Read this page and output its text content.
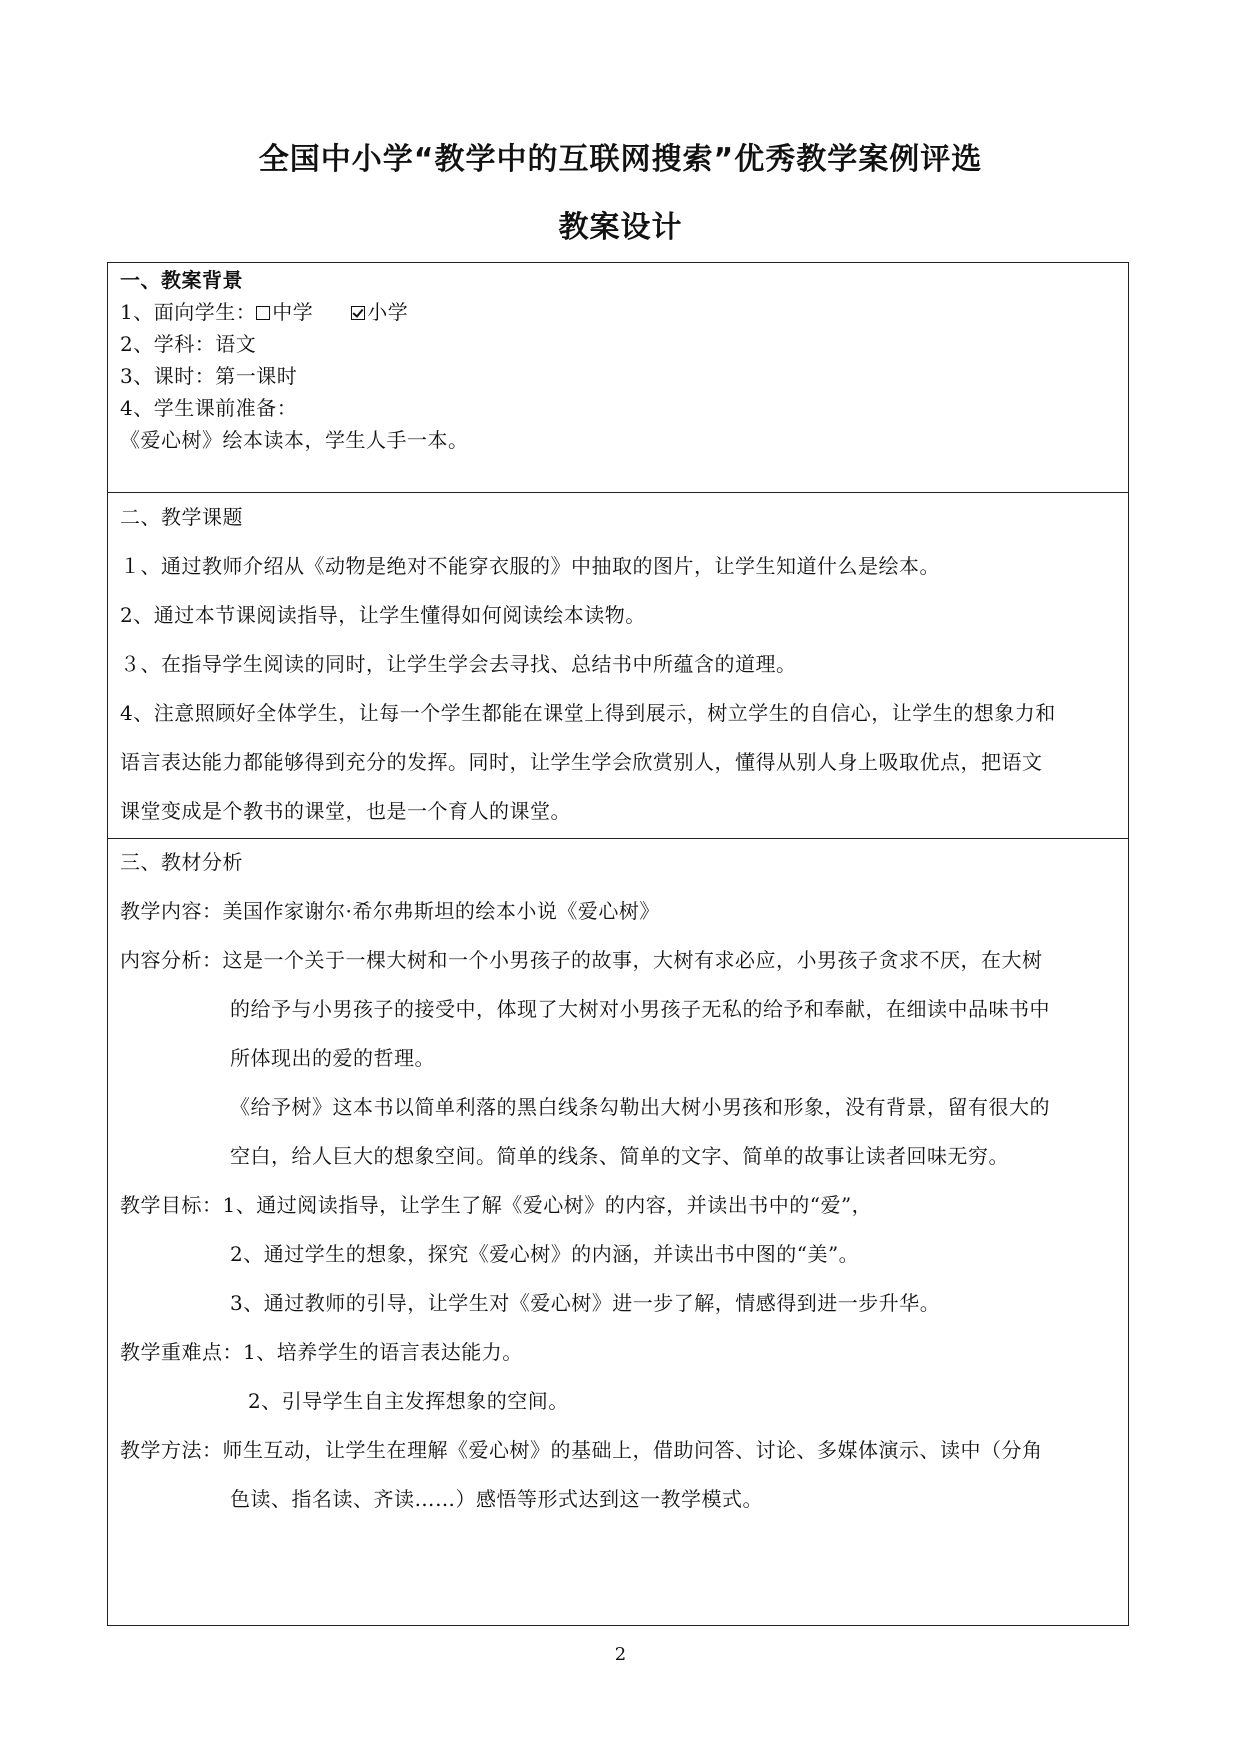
全国中小学“教学中的互联网搜索”优秀教学案例评选
教案设计
一、教案背景
1、面向学生： 中学	小学
2、学科：语文
3、课时：第一课时
4、学生课前准备：
《爱心树》绘本读本，学生人手一本。
二、教学课题
１、通过教师介绍从《动物是绝对不能穿衣服的》中抽取的图片，让学生知道什么是绘本。
2、通过本节课阅读指导，让学生懂得如何阅读绘本读物。
３、在指导学生阅读的同时，让学生学会去寻找、总结书中所蕴含的道理。
4、注意照顾好全体学生，让每一个学生都能在课堂上得到展示，树立学生的自信心，让学生的想象力和
语言表达能力都能够得到充分的发挥。同时，让学生学会欣赏别人，懂得从别人身上吸取优点，把语文
课堂变成是个教书的课堂，也是一个育人的课堂。
三、教材分析
教学内容：美国作家谢尔·希尔弗斯坦的绘本小说《爱心树》
内容分析：这是一个关于一棵大树和一个小男孩子的故事，大树有求必应，小男孩子贪求不厌，在大树
的给予与小男孩子的接受中，体现了大树对小男孩子无私的给予和奉献，在细读中品味书中
所体现出的爱的哲理。
《给予树》这本书以简单利落的黑白线条勾勒出大树小男孩和形象，没有背景，留有很大的
空白，给人巨大的想象空间。简单的线条、简单的文字、简单的故事让读者回味无穷。
教学目标：1、通过阅读指导，让学生了解《爱心树》的内容，并读出书中的“爱”，
2、通过学生的想象，探究《爱心树》的内涵，并读出书中图的“美”。
3、通过教师的引导，让学生对《爱心树》进一步了解，情感得到进一步升华。
教学重难点：1、培养学生的语言表达能力。
2、引导学生自主发挥想象的空间。
教学方法：师生互动，让学生在理解《爱心树》的基础上，借助问答、讨论、多媒体演示、读中（分角
色读、指名读、齐读……）感悟等形式达到这一教学模式。
2
